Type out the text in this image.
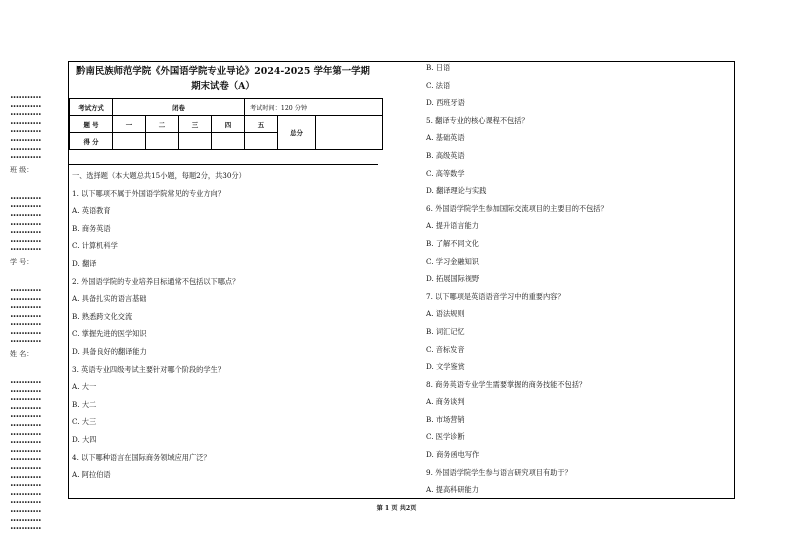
•••••••••••
•••••••••••
•••••••••••
•••••••••••
•••••••••••
•••••••••••
•••••••••••
•••••••••••
班 级：
•••••••••••
•••••••••••
•••••••••••
•••••••••••
•••••••••••
•••••••••••
•••••••••••
学 号：
•••••••••••
•••••••••••
•••••••••••
•••••••••••
•••••••••••
•••••••••••
•••••••••••
姓 名：
•••••••••••
•••••••••••
•••••••••••
•••••••••••
•••••••••••
•••••••••••
•••••••••••
•••••••••••
•••••••••••
•••••••••••
•••••••••••
•••••••••••
•••••••••••
•••••••••••
•••••••••••
•••••••••••
•••••••••••
•••••••••••
黔南民族师范学院《外国语学院专业导论》2024-2025 学年第一学期
期末试卷（A）
考试方式	闭卷				考试时间：120 分钟		
题 号	一	二	三	四	五	总分	
得 分							
一、选择题（本大题总共15小题，每题2分，共30分）
1. 以下哪项不属于外国语学院常见的专业方向？
A. 英语教育
B. 商务英语
C. 计算机科学
D. 翻译
2. 外国语学院的专业培养目标通常不包括以下哪点？
A. 具备扎实的语言基础
B. 熟悉跨文化交流
C. 掌握先进的医学知识
D. 具备良好的翻译能力
3. 英语专业四级考试主要针对哪个阶段的学生？
A. 大一
B. 大二
C. 大三
D. 大四
4. 以下哪种语言在国际商务领域应用广泛？
A. 阿拉伯语
B. 日语
C. 法语
D. 西班牙语
5. 翻译专业的核心课程不包括？
A. 基础英语
B. 高级英语
C. 高等数学
D. 翻译理论与实践
6. 外国语学院学生参加国际交流项目的主要目的不包括？
A. 提升语言能力
B. 了解不同文化
C. 学习金融知识
D. 拓展国际视野
7. 以下哪项是英语语音学习中的重要内容？
A. 语法规则
B. 词汇记忆
C. 音标发音
D. 文学鉴赏
8. 商务英语专业学生需要掌握的商务技能不包括？
A. 商务谈判
B. 市场营销
C. 医学诊断
D. 商务函电写作
9. 外国语学院学生参与语言研究项目有助于？
A. 提高科研能力
第 1 页 共2页
